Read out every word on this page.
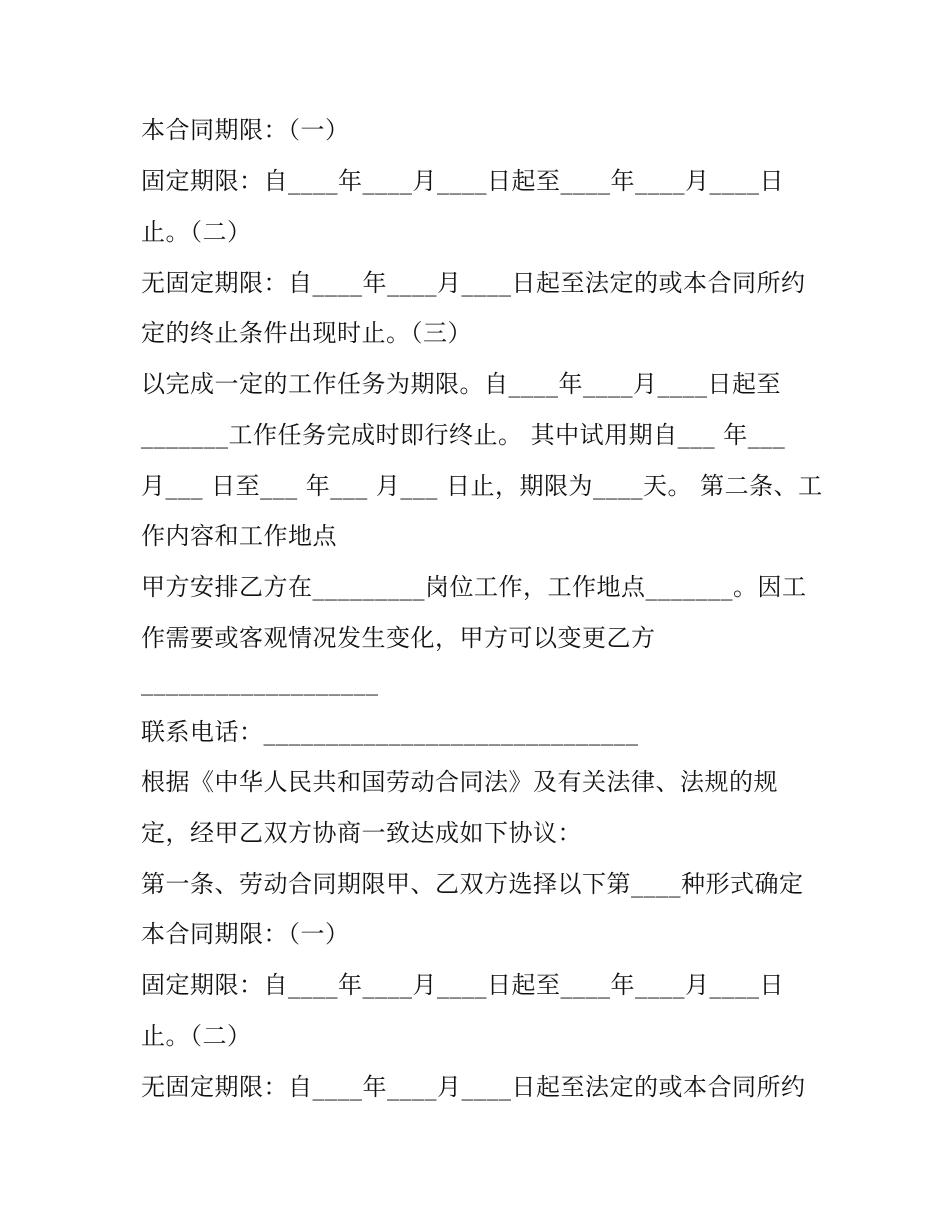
本合同期限：（一）
固定期限：自____年____月____日起至____年____月____日
止。（二）
无固定期限：自____年____月____日起至法定的或本合同所约
定的终止条件出现时止。（三）
以完成一定的工作任务为期限。自____年____月____日起至
_______工作任务完成时即行终止。 其中试用期自___ 年___
月___ 日至___ 年___ 月___ 日止，期限为____天。 第二条、工
作内容和工作地点
甲方安排乙方在_________岗位工作，工作地点_______。因工
作需要或客观情况发生变化，甲方可以变更乙方
___________________
联系电话：______________________________
根据《中华人民共和国劳动合同法》及有关法律、法规的规
定，经甲乙双方协商一致达成如下协议：
第一条、劳动合同期限甲、乙双方选择以下第____种形式确定
本合同期限：（一）
固定期限：自____年____月____日起至____年____月____日
止。（二）
无固定期限：自____年____月____日起至法定的或本合同所约
